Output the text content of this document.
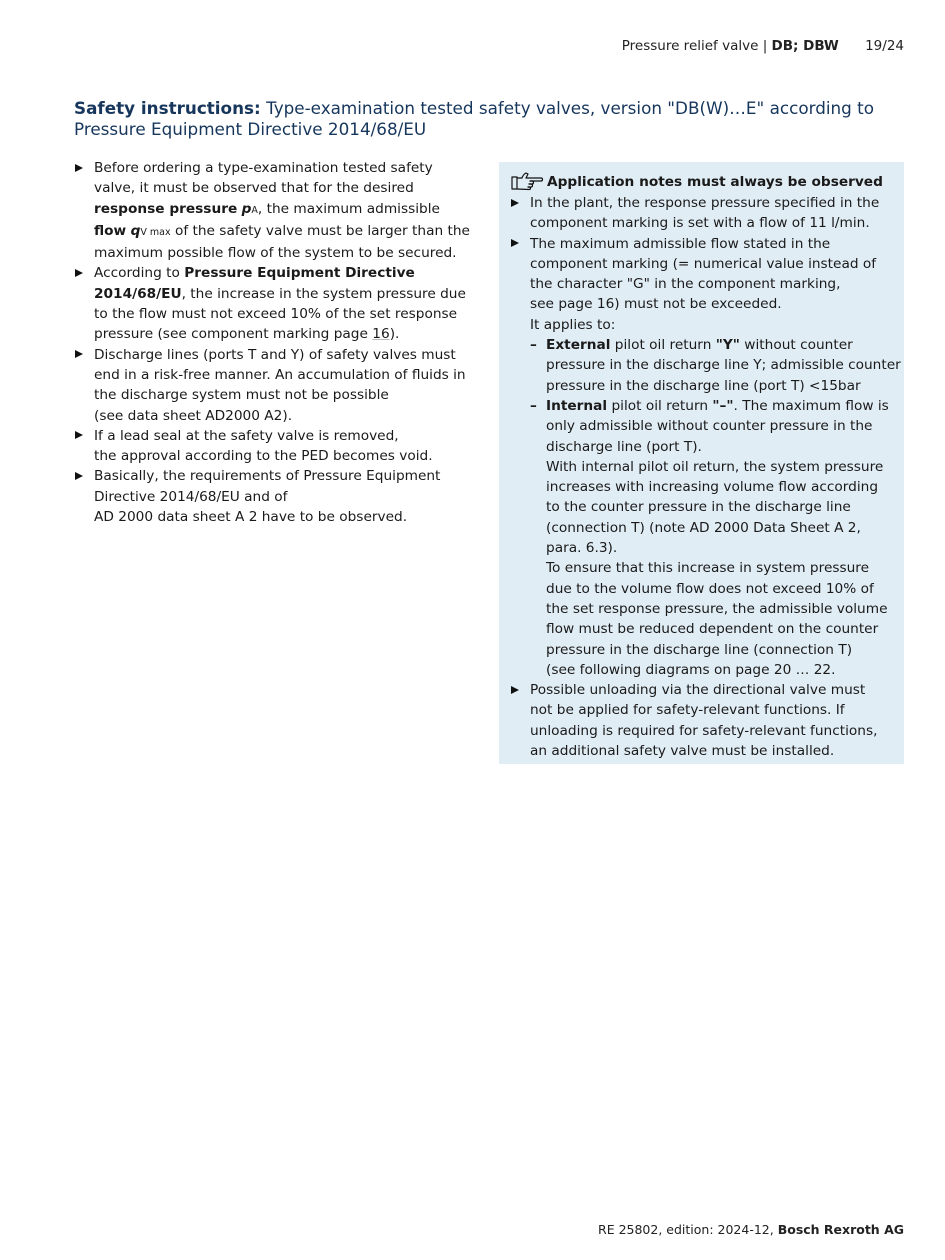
Pressure relief valve | DB; DBW 19/24
Safety instructions: Type-examination tested safety valves, version "DB(W)…E" according to
Pressure Equipment Directive 2014/68/EU
Before ordering a type-examination tested safety
valve, it must be observed that for the desired
response pressure pA, the maximum admissible
flow qV max of the safety valve must be larger than the
maximum possible flow of the system to be secured.
According to Pressure Equipment Directive
2014/68/EU, the increase in the system pressure due
to the flow must not exceed 10% of the set response
pressure (see component marking page 16).
Discharge lines (ports T and Y) of safety valves must
end in a risk-free manner. An accumulation of fluids in
the discharge system must not be possible
(see data sheet AD2000 A2).
If a lead seal at the safety valve is removed,
the approval according to the PED becomes void.
Basically, the requirements of Pressure Equipment
Directive 2014/68/EU and of
AD 2000 data sheet A 2 have to be observed.
Application notes must always be observed
In the plant, the response pressure specified in the
component marking is set with a flow of 11 l/min.
The maximum admissible flow stated in the
component marking (= numerical value instead of
the character "G" in the component marking,
see page 16) must not be exceeded.
It applies to:
– External pilot oil return "Y" without counter
pressure in the discharge line Y; admissible counter
pressure in the discharge line (port T) <15bar
– Internal pilot oil return "–". The maximum flow is
only admissible without counter pressure in the
discharge line (port T).
With internal pilot oil return, the system pressure
increases with increasing volume flow according
to the counter pressure in the discharge line
(connection T) (note AD 2000 Data Sheet A 2,
para. 6.3).
To ensure that this increase in system pressure
due to the volume flow does not exceed 10% of
the set response pressure, the admissible volume
flow must be reduced dependent on the counter
pressure in the discharge line (connection T)
(see following diagrams on page 20 … 22.
Possible unloading via the directional valve must
not be applied for safety-relevant functions. If
unloading is required for safety-relevant functions,
an additional safety valve must be installed.
RE 25802, edition: 2024-12, Bosch Rexroth AG
